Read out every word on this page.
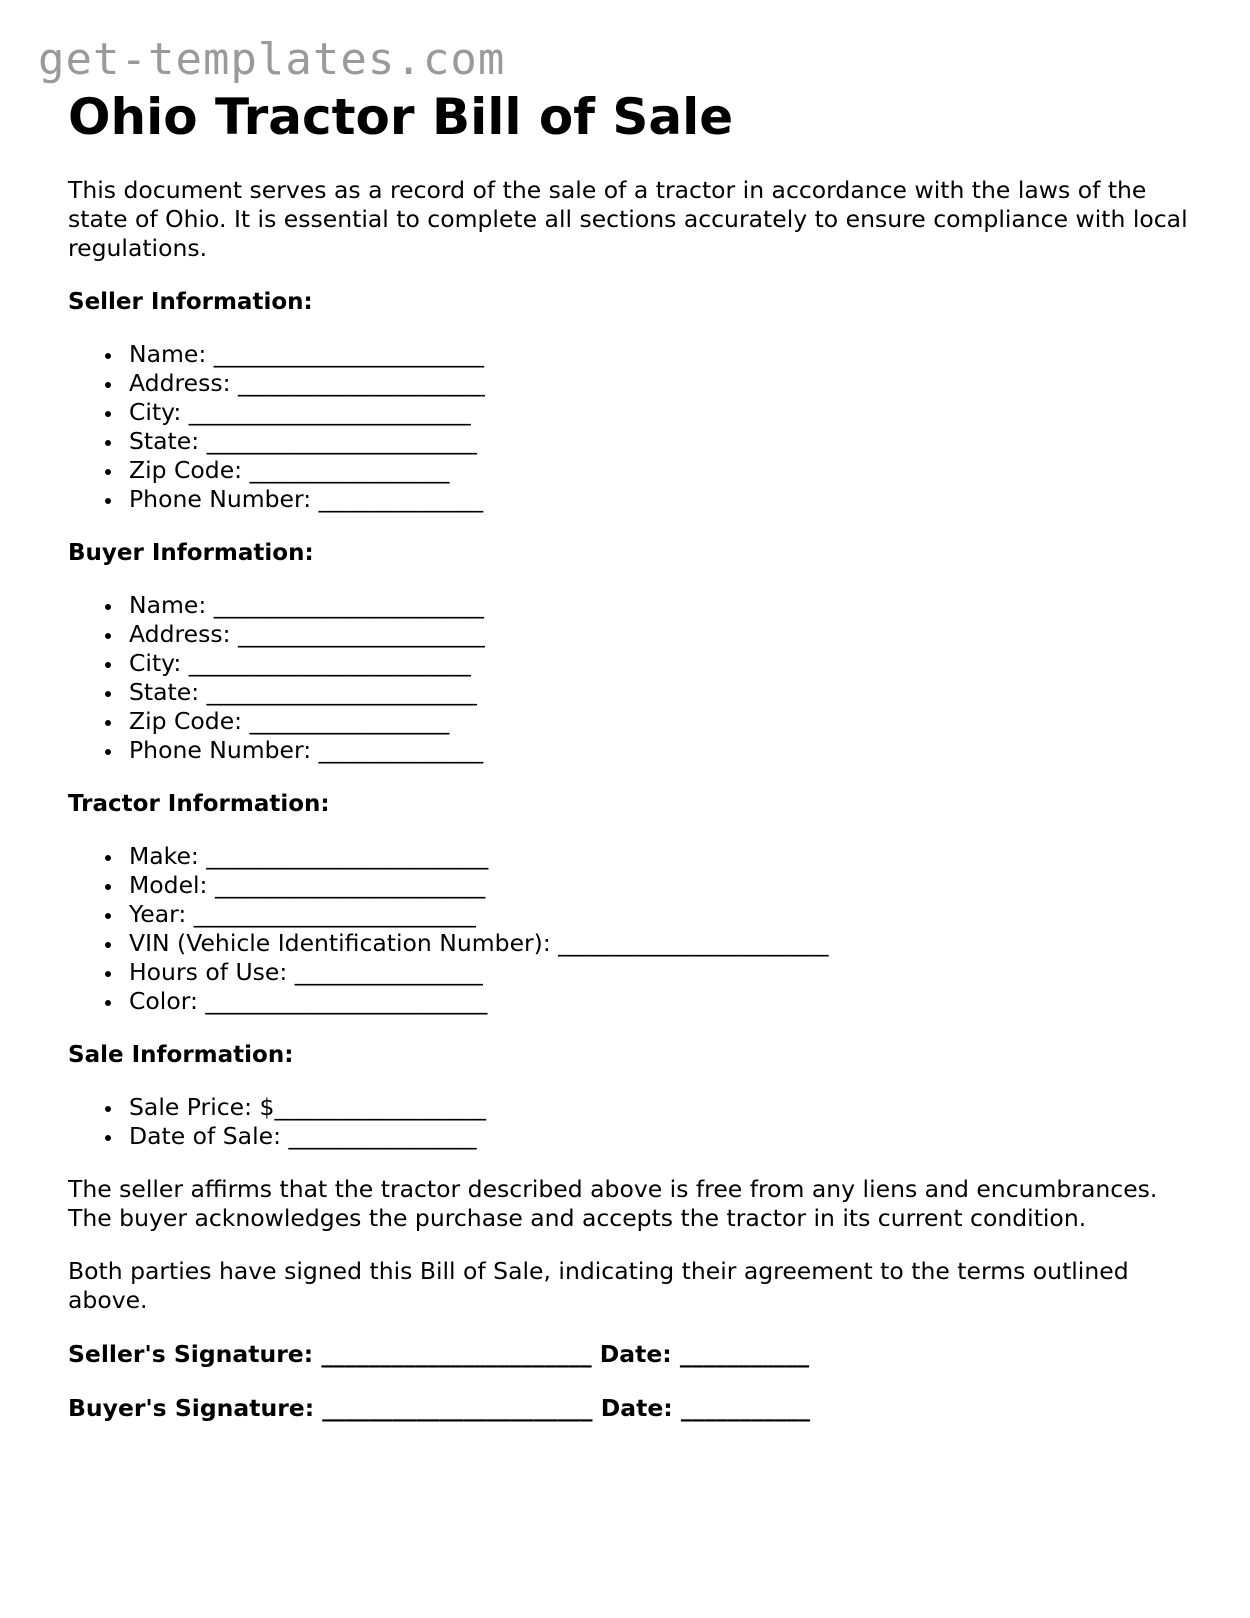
get-templates.com
Ohio Tractor Bill of Sale

This document serves as a record of the sale of a tractor in accordance with the laws of the state of Ohio. It is essential to complete all sections accurately to ensure compliance with local regulations.

Seller Information:

Name: _______________________
Address: _____________________
City: ________________________
State: _______________________
Zip Code: _________________
Phone Number: ______________

Buyer Information:

Name: _______________________
Address: _____________________
City: ________________________
State: _______________________
Zip Code: _________________
Phone Number: ______________

Tractor Information:

Make: ________________________
Model: _______________________
Year: ________________________
VIN (Vehicle Identification Number): _______________________
Hours of Use: ________________
Color: ________________________

Sale Information:

Sale Price: $__________________
Date of Sale: ________________

The seller affirms that the tractor described above is free from any liens and encumbrances. The buyer acknowledges the purchase and accepts the tractor in its current condition.

Both parties have signed this Bill of Sale, indicating their agreement to the terms outlined above.

Seller's Signature: _______________________ Date: ___________

Buyer's Signature: _______________________ Date: ___________
